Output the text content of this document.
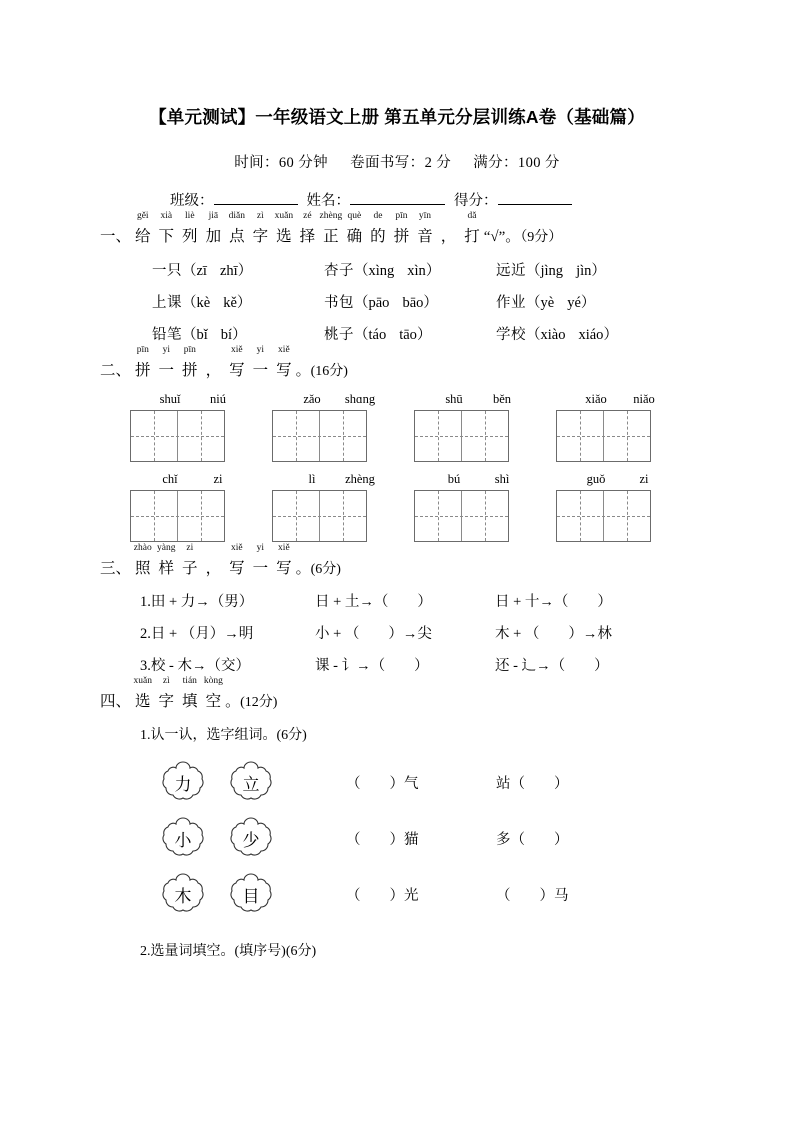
【单元测试】一年级语文上册 第五单元分层训练A卷（基础篇）
时间：60 分钟 卷面书写：2 分 满分：100 分
班级：	姓名：	得分：
一、
gěi
给
xià
下
liè
列
jiā
加
diǎn
点
zì
字
xuǎn
选
zé
择
zhèng
正
què
确
de
的
pīn
拼
yīn
音 ，
dǎ
打 “√”。（9分）
一只（zī zhī）	杏子（xìng xìn）	远近（jìng jìn）
上课（kè kě）	书包（pāo bāo）	作业（yè yé）
铅笔（bǐ bí）	桃子（táo tāo）	学校（xiào xiáo）
二、
pīn
拼
yi
一
pīn
拼 ，
xiě
写
yi
一
xiě
写 。(16分)
shuǐ	niú	zǎo	shɑng	shū	běn	xiǎo	niǎo
chǐ	zi	lì	zhèng	bú	shì	guǒ	zi
三、
zhào
照
yàng
样
zi
子 ，
xiě
写
yi
一
xiě
写 。(6分)
1.田 + 力→（男）	日 + 土→（　　）	日 + 十→（　　）
2.日 + （月）→明	小 + （　　）→尖	木 + （　　）→林
3.校 - 木→（交）	课 - 讠→（　　）	还 - 辶→（　　）
四、
xuǎn
选
zì
字
tián
填
kòng
空 。(12分)
1.认一认，选字组词。(6分)
力	立	（　　）气	站（　　）
小	少	（　　）猫	多（　　）
木	目	（　　）光	（　　）马
2.选量词填空。(填序号)(6分)
